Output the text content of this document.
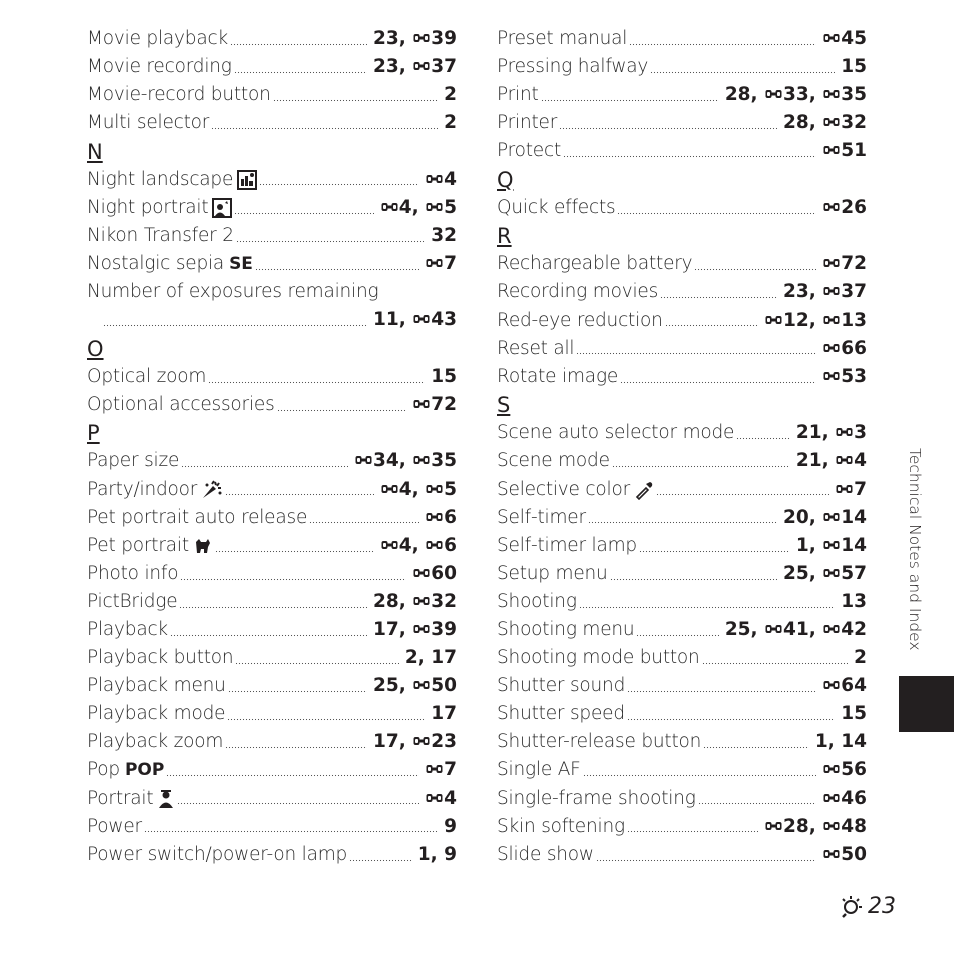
Movie playback	23, 39
Movie recording	23, 37
Movie-record button	2
Multi selector	2
N
Night landscape	4
Night portrait	4, 5
Nikon Transfer 2	32
Nostalgic sepia SE	7
Number of exposures remaining
11, 43
O
Optical zoom	15
Optional accessories	72
P
Paper size	34, 35
Party/indoor	4, 5
Pet portrait auto release	6
Pet portrait	4, 6
Photo info	60
PictBridge	28, 32
Playback	17, 39
Playback button	2, 17
Playback menu	25, 50
Playback mode	17
Playback zoom	17, 23
Pop POP	7
Portrait	4
Power	9
Power switch/power-on lamp	1, 9
Preset manual	45
Pressing halfway	15
Print	28, 33, 35
Printer	28, 32
Protect	51
Q
Quick effects	26
R
Rechargeable battery	72
Recording movies	23, 37
Red-eye reduction	12, 13
Reset all	66
Rotate image	53
S
Scene auto selector mode	21, 3
Scene mode	21, 4
Selective color	7
Self-timer	20, 14
Self-timer lamp	1, 14
Setup menu	25, 57
Shooting	13
Shooting menu	25, 41, 42
Shooting mode button	2
Shutter sound	64
Shutter speed	15
Shutter-release button	1, 14
Single AF	56
Single-frame shooting	46
Skin softening	28, 48
Slide show	50
Technical Notes and Index
23
